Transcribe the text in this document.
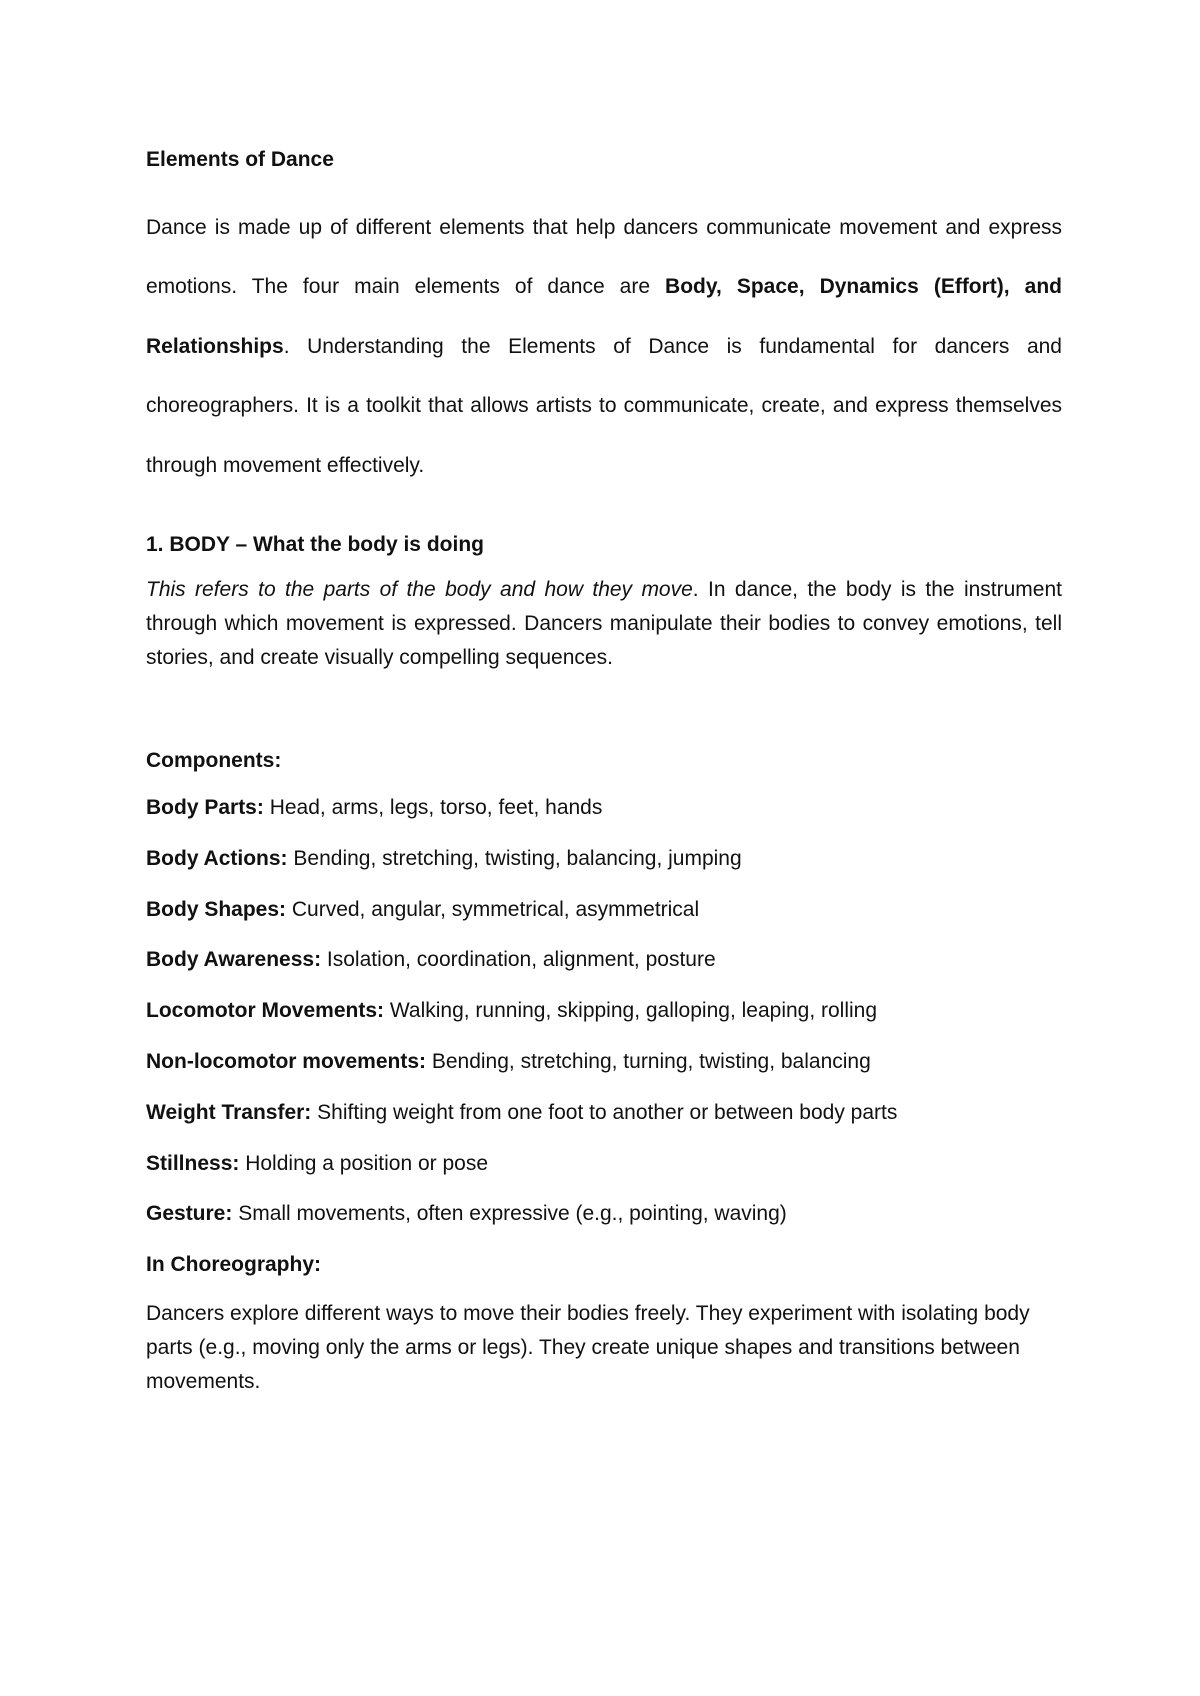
Elements of Dance

Dance is made up of different elements that help dancers communicate movement and express emotions. The four main elements of dance are Body, Space, Dynamics (Effort), and Relationships. Understanding the Elements of Dance is fundamental for dancers and choreographers. It is a toolkit that allows artists to communicate, create, and express themselves through movement effectively.

1. BODY – What the body is doing

This refers to the parts of the body and how they move. In dance, the body is the instrument through which movement is expressed. Dancers manipulate their bodies to convey emotions, tell stories, and create visually compelling sequences.

Components:

Body Parts: Head, arms, legs, torso, feet, hands
Body Actions: Bending, stretching, twisting, balancing, jumping
Body Shapes: Curved, angular, symmetrical, asymmetrical
Body Awareness: Isolation, coordination, alignment, posture
Locomotor Movements: Walking, running, skipping, galloping, leaping, rolling
Non-locomotor movements: Bending, stretching, turning, twisting, balancing
Weight Transfer: Shifting weight from one foot to another or between body parts
Stillness: Holding a position or pose
Gesture: Small movements, often expressive (e.g., pointing, waving)

In Choreography:

Dancers explore different ways to move their bodies freely. They experiment with isolating body parts (e.g., moving only the arms or legs). They create unique shapes and transitions between movements.
